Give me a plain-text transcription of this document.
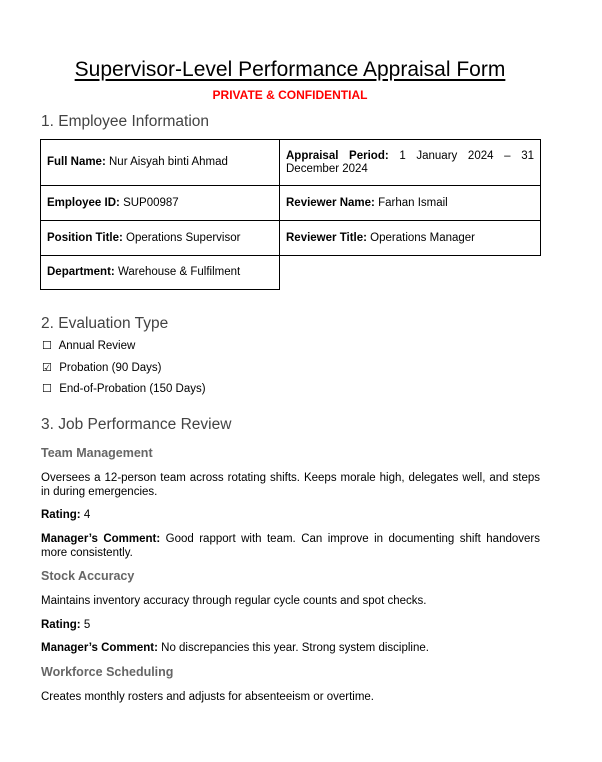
Supervisor-Level Performance Appraisal Form
PRIVATE & CONFIDENTIAL
1. Employee Information
Full Name: Nur Aisyah binti Ahmad	Appraisal Period: 1 January 2024 – 31 December 2024

Employee ID: SUP00987	Reviewer Name: Farhan Ismail
Position Title: Operations Supervisor	Reviewer Title: Operations Manager
Department: Warehouse & Fulfilment	
2. Evaluation Type
☐ Annual Review
☑ Probation (90 Days)
☐ End-of-Probation (150 Days)
3. Job Performance Review
Team Management
Oversees a 12-person team across rotating shifts. Keeps morale high, delegates well, and steps in during emergencies.
Rating: 4
Manager’s Comment: Good rapport with team. Can improve in documenting shift handovers more consistently.
Stock Accuracy
Maintains inventory accuracy through regular cycle counts and spot checks.
Rating: 5
Manager’s Comment: No discrepancies this year. Strong system discipline.
Workforce Scheduling
Creates monthly rosters and adjusts for absenteeism or overtime.
